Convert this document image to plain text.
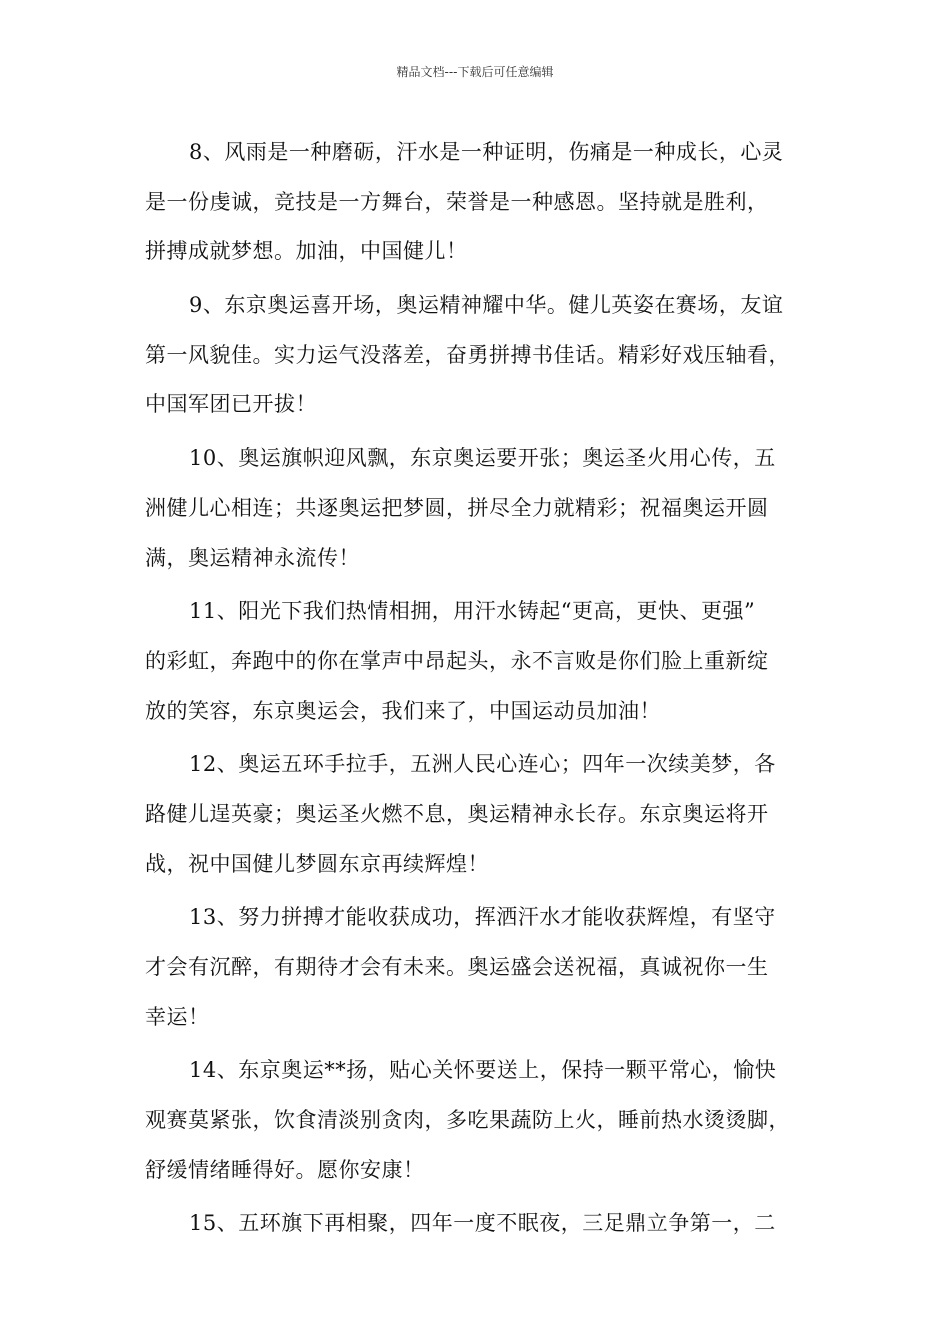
精品文档---下载后可任意编辑
8、风雨是一种磨砺，汗水是一种证明，伤痛是一种成长，心灵
是一份虔诚，竞技是一方舞台，荣誉是一种感恩。坚持就是胜利，
拼搏成就梦想。加油，中国健儿！
9、东京奥运喜开场，奥运精神耀中华。健儿英姿在赛场，友谊
第一风貌佳。实力运气没落差，奋勇拼搏书佳话。精彩好戏压轴看，
中国军团已开拔！
10、奥运旗帜迎风飘，东京奥运要开张；奥运圣火用心传，五
洲健儿心相连；共逐奥运把梦圆，拼尽全力就精彩；祝福奥运开圆
满，奥运精神永流传！
11、阳光下我们热情相拥，用汗水铸起“更高，更快、更强”
的彩虹，奔跑中的你在掌声中昂起头，永不言败是你们脸上重新绽
放的笑容，东京奥运会，我们来了，中国运动员加油！
12、奥运五环手拉手，五洲人民心连心；四年一次续美梦，各
路健儿逞英豪；奥运圣火燃不息，奥运精神永长存。东京奥运将开
战，祝中国健儿梦圆东京再续辉煌！
13、努力拼搏才能收获成功，挥洒汗水才能收获辉煌，有坚守
才会有沉醉，有期待才会有未来。奥运盛会送祝福，真诚祝你一生
幸运！
14、东京奥运**扬，贴心关怀要送上，保持一颗平常心，愉快
观赛莫紧张，饮食清淡别贪肉，多吃果蔬防上火，睡前热水烫烫脚，
舒缓情绪睡得好。愿你安康！
15、五环旗下再相聚，四年一度不眠夜，三足鼎立争第一，二
